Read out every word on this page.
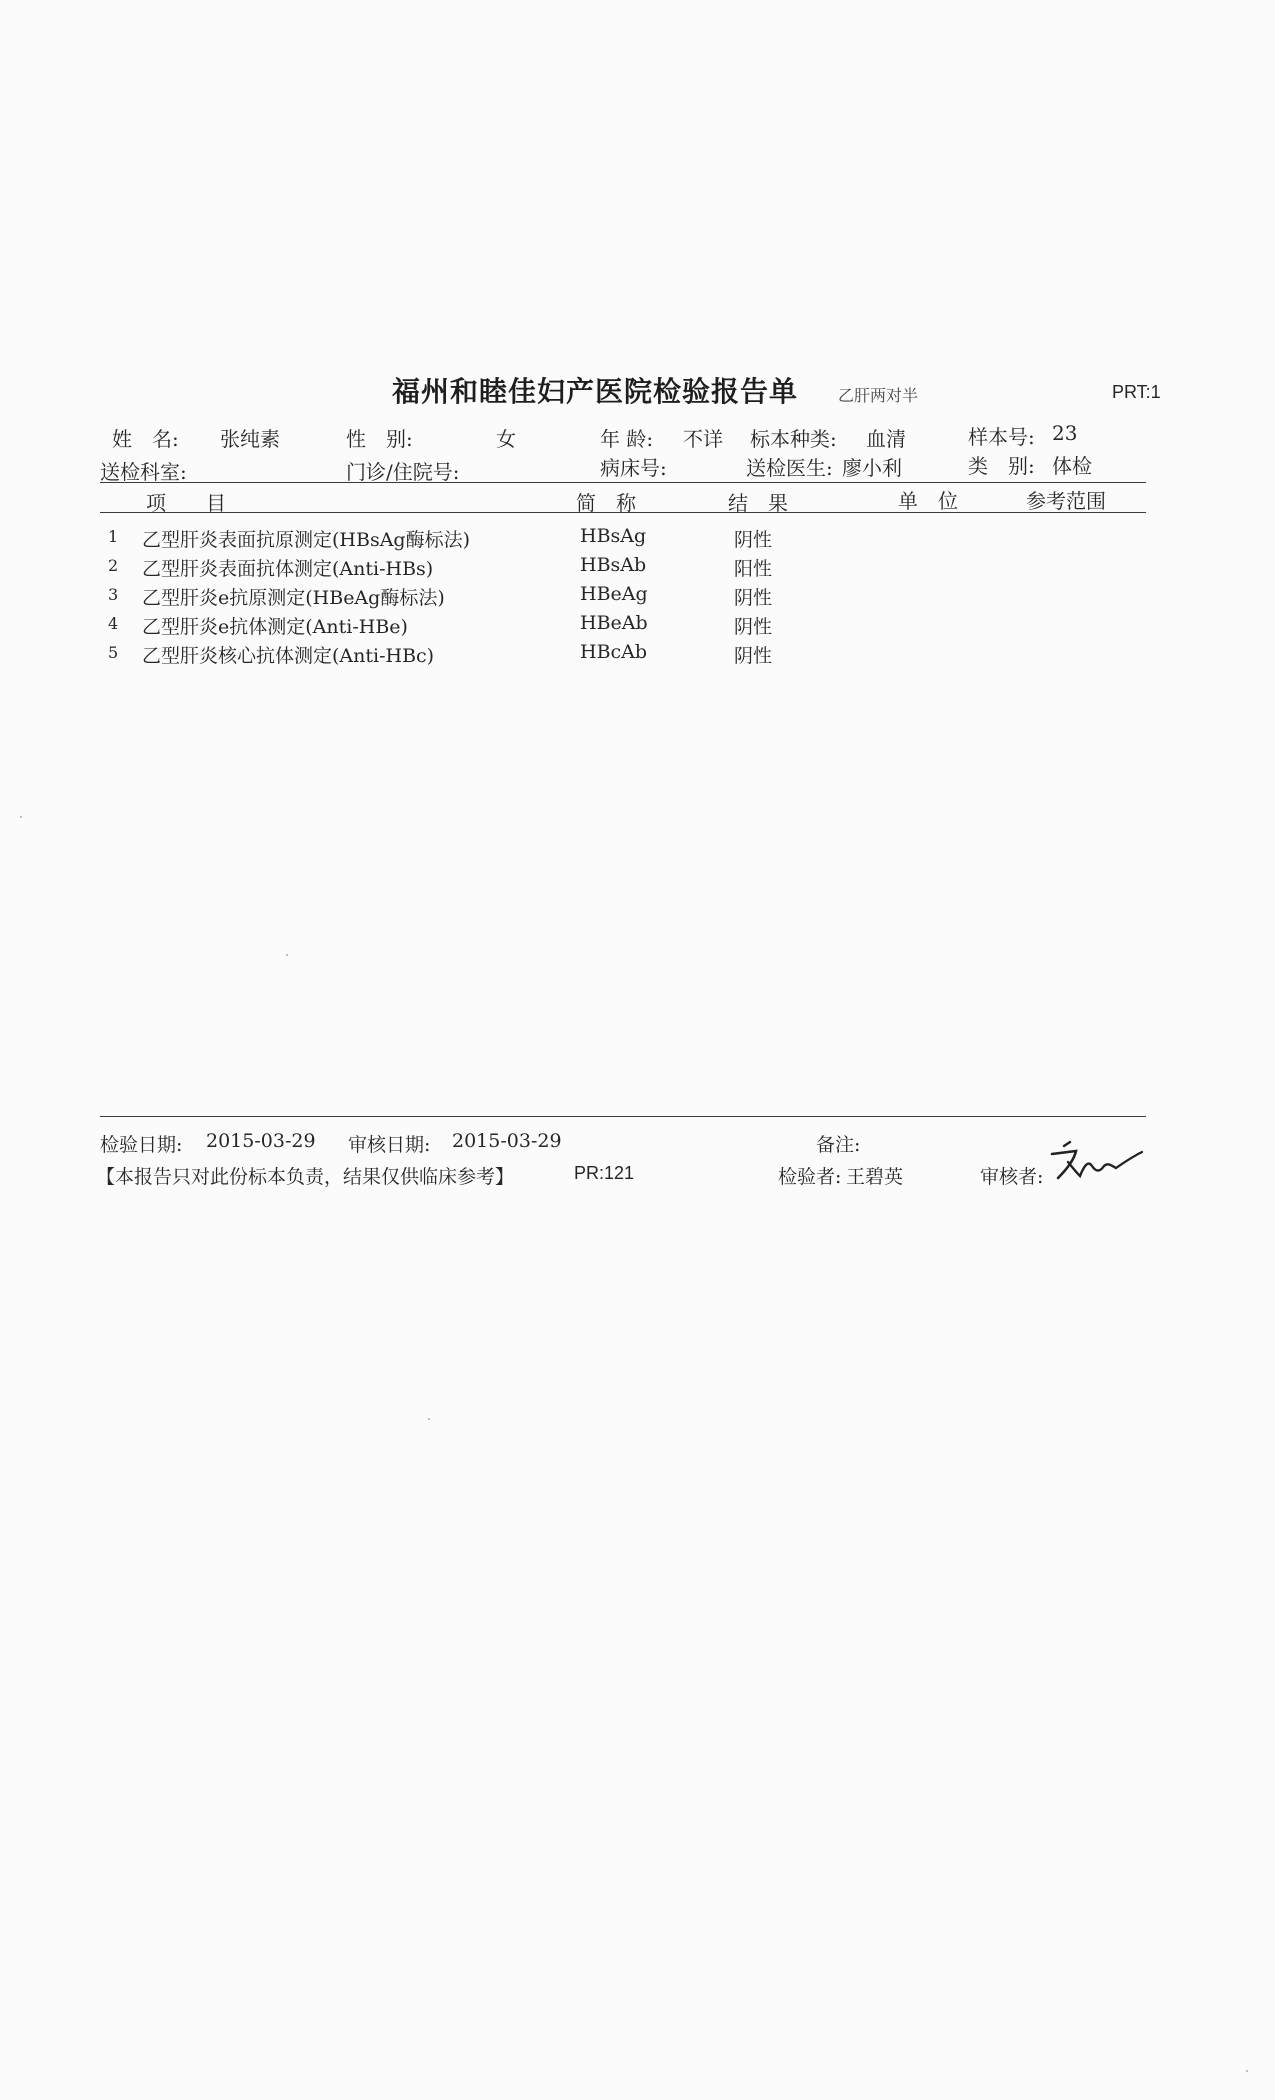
福州和睦佳妇产医院检验报告单 乙肝两对半	PRT:1
姓　名: 张纯素	性　别:	女	年 龄: 不详 标本种类: 血清	样本号: 23
送检科室:	门诊/住院号:	病床号:	送检医生: 廖小利	类　别: 体检
项　　目	简　称	结　果	单　位	参考范围
1 乙型肝炎表面抗原测定(HBsAg酶标法)	HBsAg	阴性
2 乙型肝炎表面抗体测定(Anti-HBs)	HBsAb	阳性
3 乙型肝炎e抗原测定(HBeAg酶标法)	HBeAg	阴性
4 乙型肝炎e抗体测定(Anti-HBe)	HBeAb	阴性
5 乙型肝炎核心抗体测定(Anti-HBc)	HBcAb	阴性
检验日期: 2015-03-29 审核日期: 2015-03-29	备注:
【本报告只对此份标本负责，结果仅供临床参考】	PR:121	检验者: 王碧英	审核者:
